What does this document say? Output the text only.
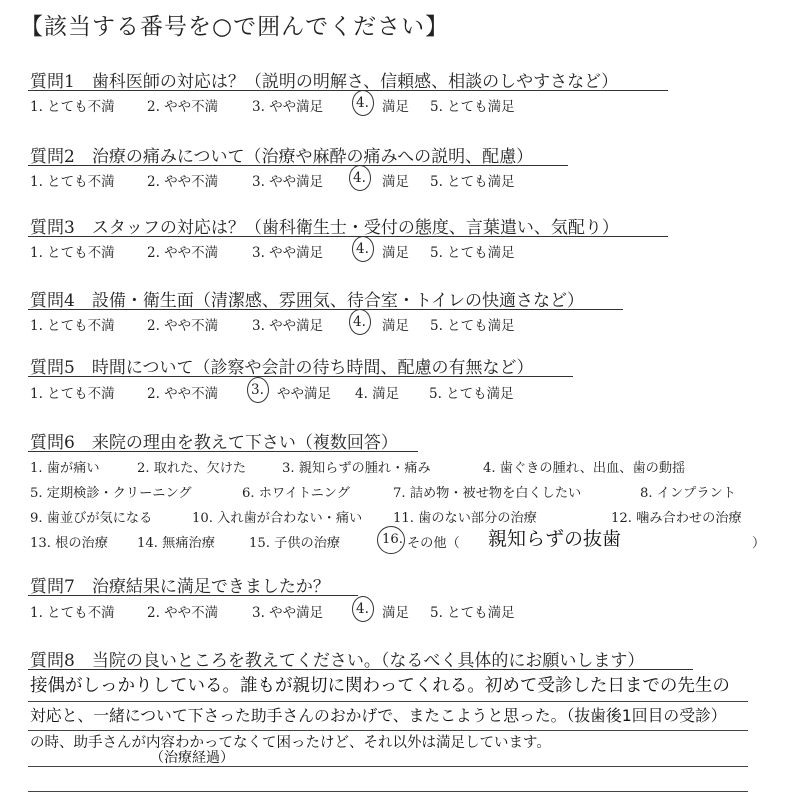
【該当する番号を○で囲んでください】
質問1　歯科医師の対応は？（説明の明解さ、信頼感、相談のしやすさなど）
1. とても不満	2. やや不満	3. やや満足	4. 満足	5. とても満足
質問2　治療の痛みについて（治療や麻酔の痛みへの説明、配慮）
1. とても不満	2. やや不満	3. やや満足	4.	満足	5. とても満足
質問3　スタッフの対応は？（歯科衛生士・受付の態度、言葉遣い、気配り）
1. とても不満	2. やや不満	3. やや満足	4. 満足	5. とても満足
質問4　設備・衛生面（清潔感、雰囲気、待合室・トイレの快適さなど）
1. とても不満	2. やや不満	3. やや満足	4.	満足	5. とても満足
質問5　時間について（診察や会計の待ち時間、配慮の有無など）
1. とても不満	2. やや不満	3. やや満足	4. 満足	5. とても満足
質問6　来院の理由を教えて下さい（複数回答）
1. 歯が痛い	2. 取れた、欠けた	3. 親知らずの腫れ・痛み	4. 歯ぐきの腫れ、出血、歯の動揺
5. 定期検診・クリーニング	6. ホワイトニング	7. 詰め物・被せ物を白くしたい	8. インプラント
9. 歯並びが気になる	10. 入れ歯が合わない・痛い 11. 歯のない部分の治療	12. 噛み合わせの治療
13. 根の治療 14. 無痛治療	15. 子供の治療	16. その他（ 親知らずの抜歯	）
質問7　治療結果に満足できましたか？
1. とても不満	2. やや不満	3. やや満足	4. 満足	5. とても満足
質問8　当院の良いところを教えてください。（なるべく具体的にお願いします）
接偶がしっかりしている。誰もが親切に関わってくれる。初めて受診した日までの先生の
対応と、一緒について下さった助手さんのおかげで、またこようと思った。（抜歯後1回目の受診）
の時、助手さんが内容わかってなくて困ったけど、それ以外は満足しています。
（治療経過）
